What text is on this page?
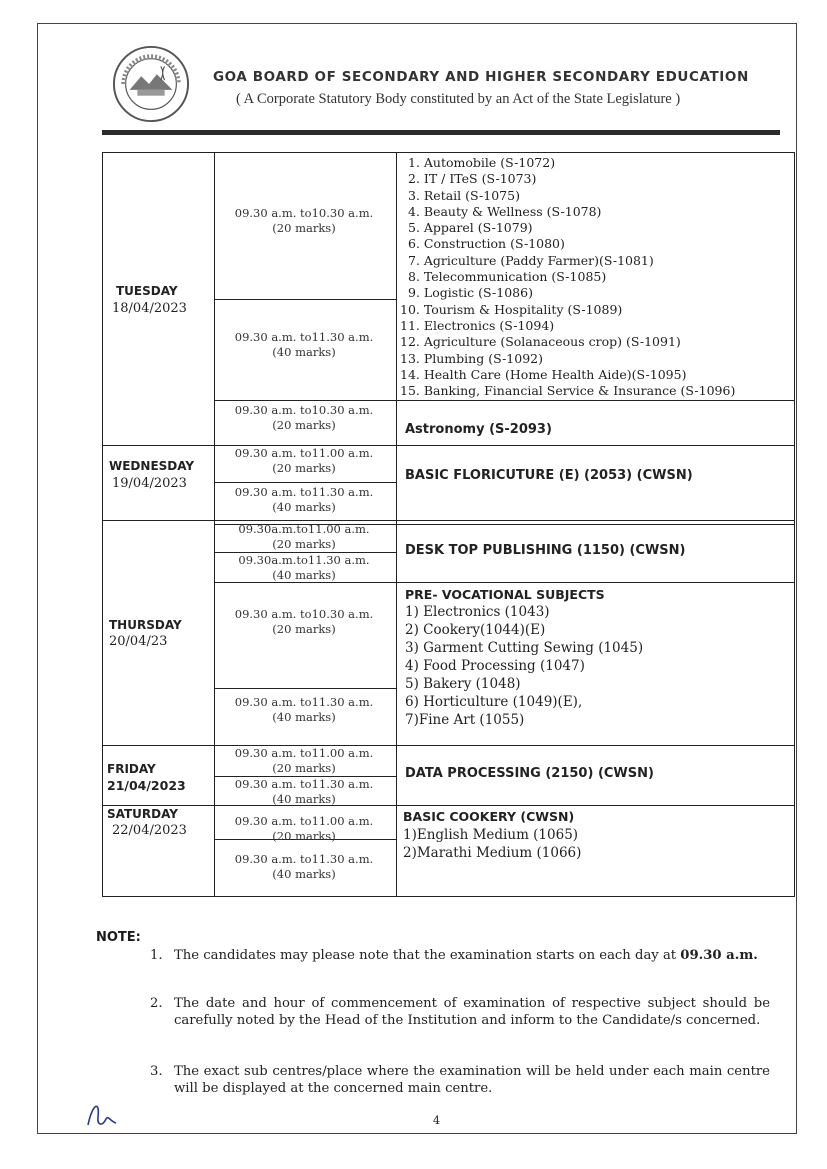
GOA BOARD OF SECONDARY AND HIGHER SECONDARY EDUCATION
( A Corporate Statutory Body constituted by an Act of the State Legislature )
TUESDAY
18/04/2023
09.30 a.m. to10.30 a.m.
(20 marks)
09.30 a.m. to11.30 a.m.
(40 marks)
09.30 a.m. to10.30 a.m.
(20 marks)
1. Automobile (S-1072)
2. IT / ITeS (S-1073)
3. Retail (S-1075)
4. Beauty & Wellness (S-1078)
5. Apparel (S-1079)
6. Construction (S-1080)
7. Agriculture (Paddy Farmer)(S-1081)
8. Telecommunication (S-1085)
9. Logistic (S-1086)
10. Tourism & Hospitality (S-1089)
11. Electronics (S-1094)
12. Agriculture (Solanaceous crop) (S-1091)
13. Plumbing (S-1092)
14. Health Care (Home Health Aide)(S-1095)
15. Banking, Financial Service & Insurance (S-1096)
Astronomy (S-2093)
WEDNESDAY
19/04/2023
09.30 a.m. to11.00 a.m.
(20 marks)
09.30 a.m. to11.30 a.m.
(40 marks)
BASIC FLORICUTURE (E) (2053) (CWSN)
THURSDAY
20/04/23
09.30a.m.to11.00 a.m.
(20 marks)
09.30a.m.to11.30 a.m.
(40 marks)
09.30 a.m. to10.30 a.m.
(20 marks)
09.30 a.m. to11.30 a.m.
(40 marks)
DESK TOP PUBLISHING (1150) (CWSN)
PRE- VOCATIONAL SUBJECTS
1) Electronics (1043)
2) Cookery(1044)(E)
3) Garment Cutting Sewing (1045)
4) Food Processing (1047)
5) Bakery (1048)
6) Horticulture (1049)(E),
7)Fine Art (1055)
FRIDAY
21/04/2023
09.30 a.m. to11.00 a.m.
(20 marks)
09.30 a.m. to11.30 a.m.
(40 marks)
DATA PROCESSING (2150) (CWSN)
SATURDAY
22/04/2023
09.30 a.m. to11.00 a.m.
(20 marks)
09.30 a.m. to11.30 a.m.
(40 marks)
BASIC COOKERY (CWSN)
1)English Medium (1065)
2)Marathi Medium (1066)
NOTE:
1. The candidates may please note that the examination starts on each day at 09.30 a.m.
2. The date and hour of commencement of examination of respective subject should be carefully noted by the Head of the Institution and inform to the Candidate/s concerned.
3. The exact sub centres/place where the examination will be held under each main centre will be displayed at the concerned main centre.
4
